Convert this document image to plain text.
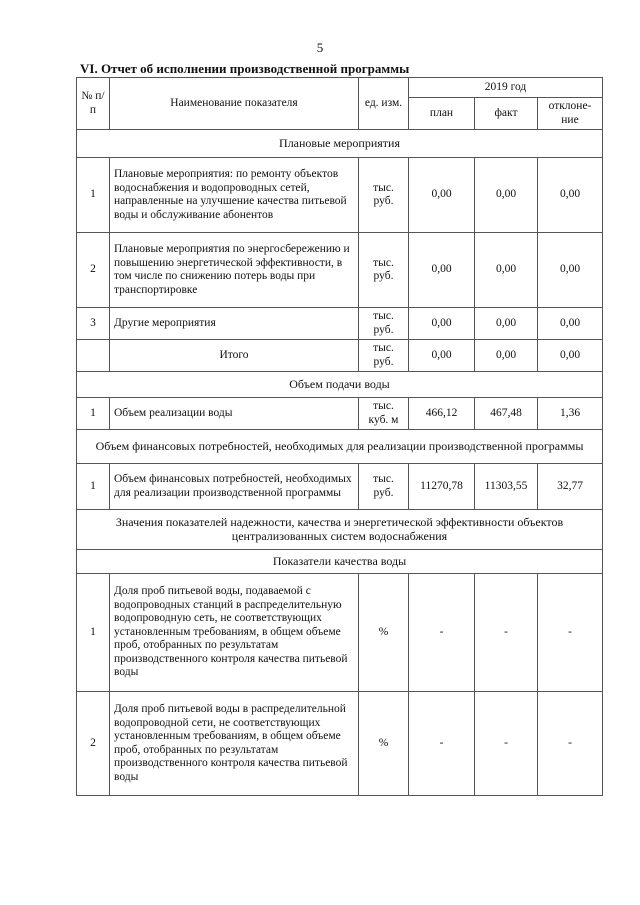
5
VI. Отчет об исполнении производственной программы
№ п/п	Наименование показателя	ед. изм.	2019 год		
			план	факт	отклоне-ние
Плановые мероприятия					
1	Плановые мероприятия: по ремонту объектов водоснабжения и водопроводных сетей, направленные на улучшение качества питьевой воды и обслуживание абонентов	тыс. руб.	0,00	0,00	0,00
2	Плановые мероприятия по энергосбережению и повышению энергетической эффективности, в том числе по снижению потерь воды при транспортировке	тыс. руб.	0,00	0,00	0,00
3	Другие мероприятия	тыс. руб.	0,00	0,00	0,00
	Итого	тыс. руб.	0,00	0,00	0,00
Объем подачи воды					
1	Объем реализации воды	тыс. куб. м	466,12	467,48	1,36
Объем финансовых потребностей, необходимых для реализации производственной программы					
1	Объем финансовых потребностей, необходимых для реализации производственной программы	тыс. руб.	11270,78	11303,55	32,77
Значения показателей надежности, качества и энергетической эффективности объектов централизованных систем водоснабжения					
Показатели качества воды					
1	Доля проб питьевой воды, подаваемой с водопроводных станций в распределительную водопроводную сеть, не соответствующих установленным требованиям, в общем объеме проб, отобранных по результатам производственного контроля качества питьевой воды	%	-	-	-
2	Доля проб питьевой воды в распределительной водопроводной сети, не соответствующих установленным требованиям, в общем объеме проб, отобранных по результатам производственного контроля качества питьевой воды	%	-	-	-
